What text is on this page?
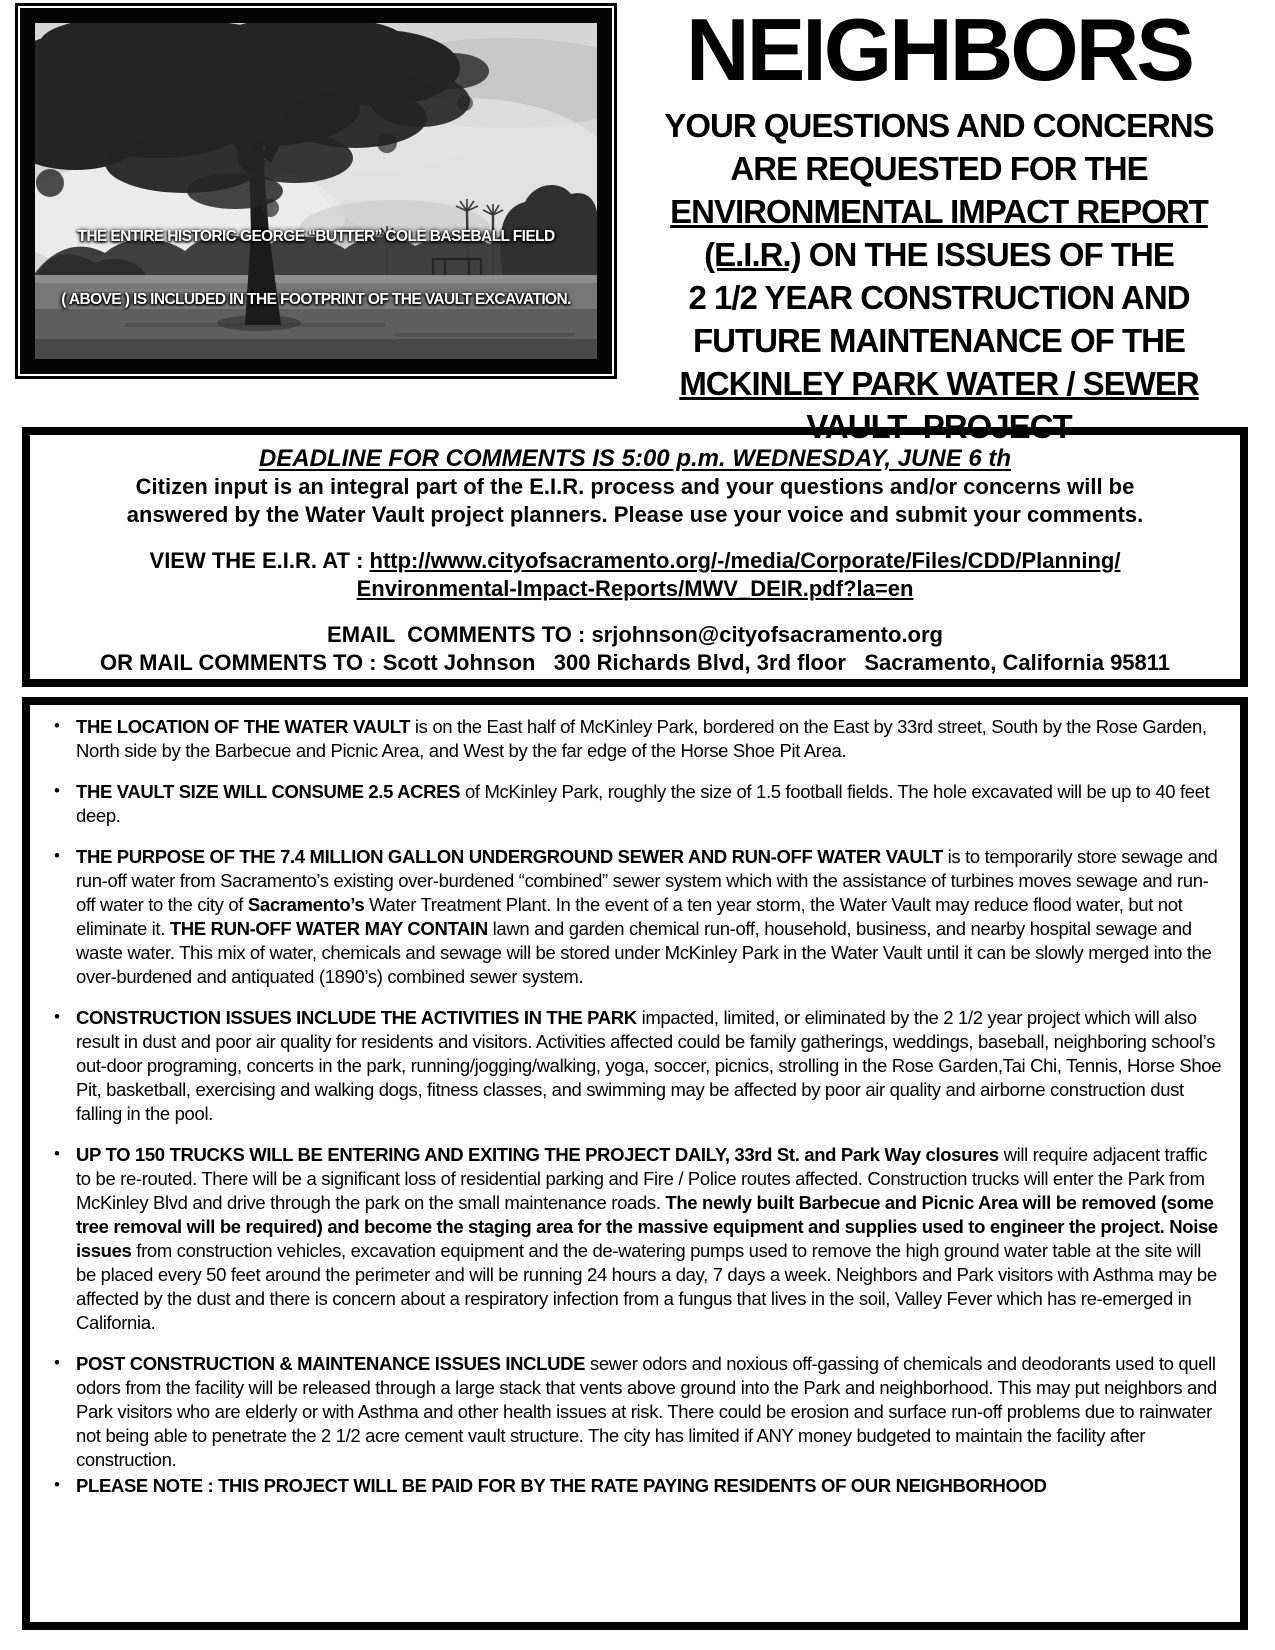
THE ENTIRE HISTORIC GEORGE “BUTTER” COLE BASEBALL FIELD

( ABOVE ) IS INCLUDED IN THE FOOTPRINT OF THE VAULT EXCAVATION.

NEIGHBORS
YOUR QUESTIONS AND CONCERNS
ARE REQUESTED FOR THE
ENVIRONMENTAL IMPACT REPORT
(E.I.R.) ON THE ISSUES OF THE
2 1/2 YEAR CONSTRUCTION AND
FUTURE MAINTENANCE OF THE
MCKINLEY PARK WATER / SEWER
VAULT  PROJECT
DEADLINE FOR COMMENTS IS 5:00 p.m. WEDNESDAY, JUNE 6 th
Citizen input is an integral part of the E.I.R. process and your questions and/or concerns will be
answered by the Water Vault project planners. Please use your voice and submit your comments.
VIEW THE E.I.R. AT : http://www.cityofsacramento.org/-/media/Corporate/Files/CDD/Planning/
Environmental-Impact-Reports/MWV_DEIR.pdf?la=en
EMAIL  COMMENTS TO : srjohnson@cityofsacramento.org
OR MAIL COMMENTS TO : Scott Johnson   300 Richards Blvd, 3rd floor   Sacramento, California 95811
• THE LOCATION OF THE WATER VAULT is on the East half of McKinley Park, bordered on the East by 33rd street, South by the Rose Garden, North side by the Barbecue and Picnic Area, and West by the far edge of the Horse Shoe Pit Area.
• THE VAULT SIZE WILL CONSUME 2.5 ACRES of McKinley Park, roughly the size of 1.5 football fields. The hole excavated will be up to 40 feet deep.
• THE PURPOSE OF THE 7.4 MILLION GALLON UNDERGROUND SEWER AND RUN-OFF WATER VAULT is to temporarily store sewage and run-off water from Sacramento’s existing over-burdened “combined” sewer system which with the assistance of turbines moves sewage and run-off water to the city of Sacramento’s Water Treatment Plant. In the event of a ten year storm, the Water Vault may reduce flood water, but not eliminate it. THE RUN-OFF WATER MAY CONTAIN lawn and garden chemical run-off, household, business, and nearby hospital sewage and waste water. This mix of water, chemicals and sewage will be stored under McKinley Park in the Water Vault until it can be slowly merged into the over-burdened and antiquated (1890’s) combined sewer system.
• CONSTRUCTION ISSUES INCLUDE THE ACTIVITIES IN THE PARK impacted, limited, or eliminated by the 2 1/2 year project which will also result in dust and poor air quality for residents and visitors. Activities affected could be family gatherings, weddings, baseball, neighboring school’s out-door programing, concerts in the park, running/jogging/walking, yoga, soccer, picnics, strolling in the Rose Garden,Tai Chi, Tennis, Horse Shoe Pit, basketball, exercising and walking dogs, fitness classes, and swimming may be affected by poor air quality and airborne construction dust falling in the pool.
• UP TO 150 TRUCKS WILL BE ENTERING AND EXITING THE PROJECT DAILY, 33rd St. and Park Way closures will require adjacent traffic to be re-routed. There will be a significant loss of residential parking and Fire / Police routes affected. Construction trucks will enter the Park from McKinley Blvd and drive through the park on the small maintenance roads. The newly built Barbecue and Picnic Area will be removed (some tree removal will be required) and become the staging area for the massive equipment and supplies used to engineer the project. Noise issues from construction vehicles, excavation equipment and the de-watering pumps used to remove the high ground water table at the site will be placed every 50 feet around the perimeter and will be running 24 hours a day, 7 days a week. Neighbors and Park visitors with Asthma may be affected by the dust and there is concern about a respiratory infection from a fungus that lives in the soil, Valley Fever which has re-emerged in California.
• POST CONSTRUCTION & MAINTENANCE ISSUES INCLUDE sewer odors and noxious off-gassing of chemicals and deodorants used to quell odors from the facility will be released through a large stack that vents above ground into the Park and neighborhood. This may put neighbors and Park visitors who are elderly or with Asthma and other health issues at risk. There could be erosion and surface run-off problems due to rainwater not being able to penetrate the 2 1/2 acre cement vault structure. The city has limited if ANY money budgeted to maintain the facility after construction.
• PLEASE NOTE : THIS PROJECT WILL BE PAID FOR BY THE RATE PAYING RESIDENTS OF OUR NEIGHBORHOOD
